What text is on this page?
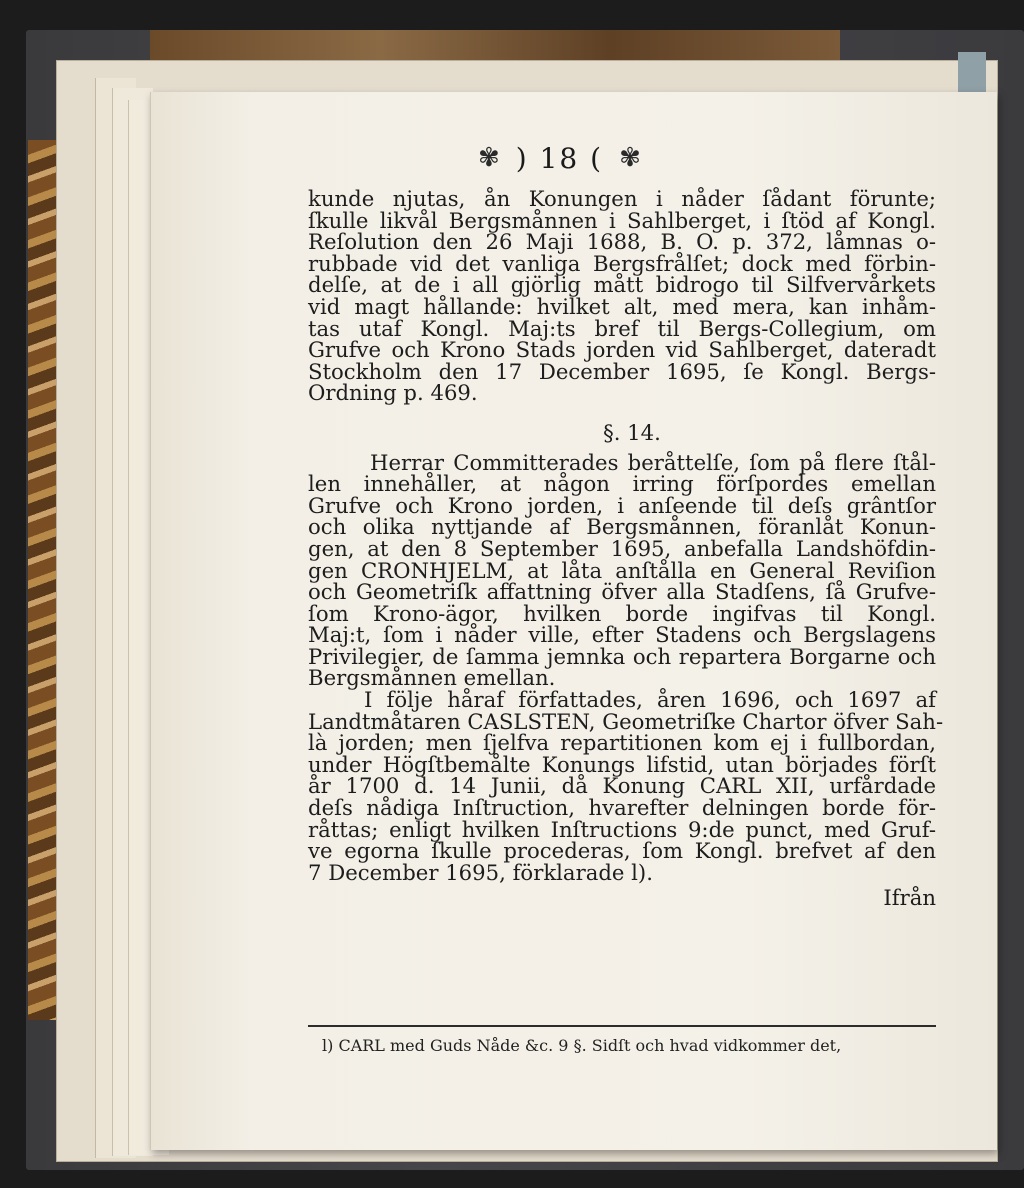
✾ ) 18 ( ✾
kunde njutas, ån Konungen i nåder ſådant förunte;
ſkulle likvål Bergsmånnen i Sahlberget, i ſtöd af Kongl.
Reſolution den 26 Maji 1688, B. O. p. 372, låmnas o-
rubbade vid det vanliga Bergsfrålſet; dock med förbin-
delſe, at de i all gjörlig mått bidrogo til Silfvervårkets
vid magt hållande: hvilket alt, med mera, kan inhåm-
tas utaf Kongl. Maj:ts bref til Bergs-Collegium, om
Grufve och Krono Stads jorden vid Sahlberget, dateradt
Stockholm den 17 December 1695, ſe Kongl. Bergs-
Ordning p. 469.
§. 14.
Herrar Committerades beråttelſe, ſom på flere ſtål-
len innehåller, at någon irring förſpordes emellan
Grufve och Krono jorden, i anſeende til deſs grântſor
och olika nyttjande af Bergsmånnen, föranlåt Konun-
gen, at den 8 September 1695, anbefalla Landshöfdin-
gen CRONHJELM, at låta anſtålla en General Reviſion
och Geometriſk affattning öfver alla Stadſens, ſå Grufve-
ſom Krono-ägor, hvilken borde ingifvas til Kongl.
Maj:t, ſom i nåder ville, efter Stadens och Bergslagens
Privilegier, de ſamma jemnka och repartera Borgarne och
Bergsmånnen emellan.
I följe håraf författades, åren 1696, och 1697 af
Landtmåtaren CASLSTEN, Geometriſke Chartor öfver Sah-
là jorden; men ſjelfva repartitionen kom ej i fullbordan,
under Högſtbemålte Konungs lifstid, utan börjades förſt
år 1700 d. 14 Junii, då Konung CARL XII, urfårdade
deſs nådiga Inſtruction, hvarefter delningen borde för-
råttas; enligt hvilken Inſtructions 9:de punct, med Gruf-
ve egorna ſkulle procederas, ſom Kongl. brefvet af den
7 December 1695, förklarade l).
Ifrån
l) CARL med Guds Nåde &c. 9 §. Sidſt och hvad vidkommer det,
